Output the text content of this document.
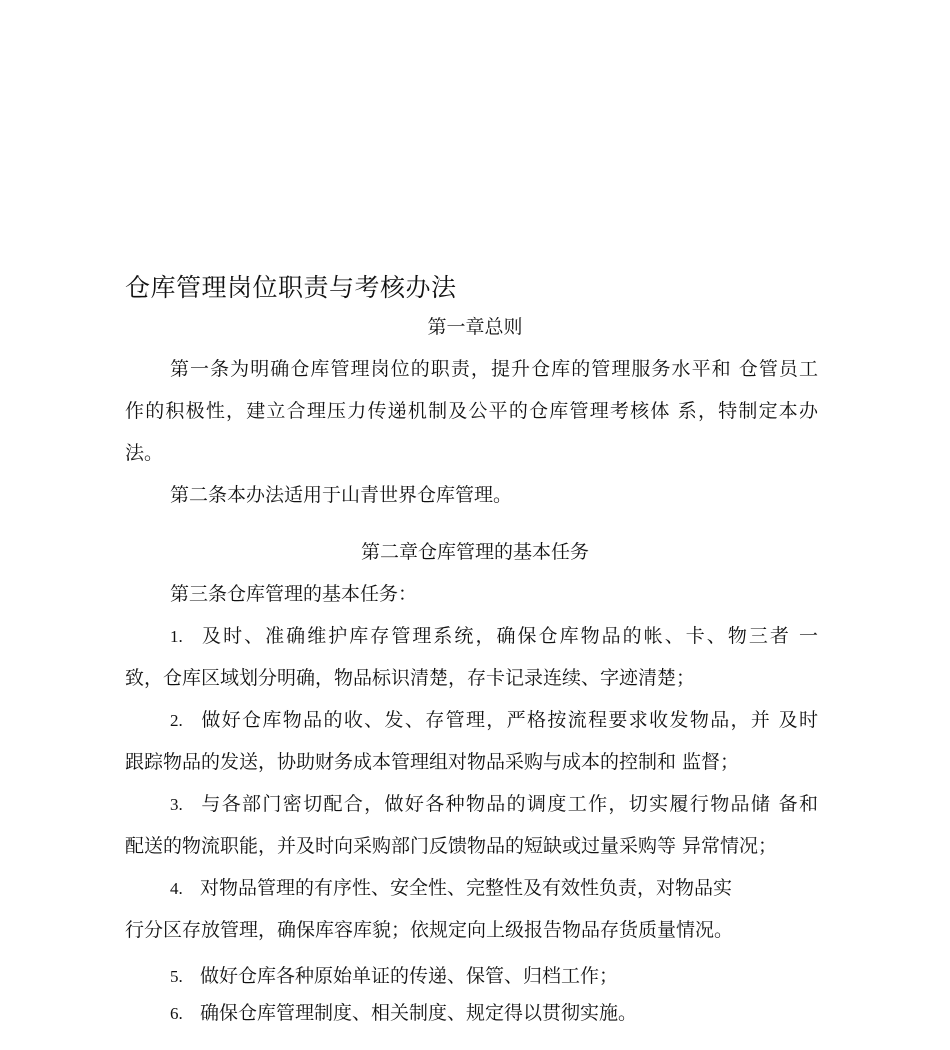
仓库管理岗位职责与考核办法
第一章总则
第一条为明确仓库管理岗位的职责，提升仓库的管理服务水平和 仓管员工
作的积极性，建立合理压力传递机制及公平的仓库管理考核体 系，特制定本办
法。
第二条本办法适用于山青世界仓库管理。
第二章仓库管理的基本任务
第三条仓库管理的基本任务：
1. 及时、准确维护库存管理系统，确保仓库物品的帐、卡、物三者 一
致，仓库区域划分明确，物品标识清楚，存卡记录连续、字迹清楚；
2. 做好仓库物品的收、发、存管理，严格按流程要求收发物品，并 及时
跟踪物品的发送，协助财务成本管理组对物品采购与成本的控制和 监督；
3. 与各部门密切配合，做好各种物品的调度工作，切实履行物品储 备和
配送的物流职能，并及时向采购部门反馈物品的短缺或过量采购等 异常情况；
4. 对物品管理的有序性、安全性、完整性及有效性负责，对物品实
行分区存放管理，确保库容库貌；依规定向上级报告物品存货质量情况。
5. 做好仓库各种原始单证的传递、保管、归档工作；
6. 确保仓库管理制度、相关制度、规定得以贯彻实施。
